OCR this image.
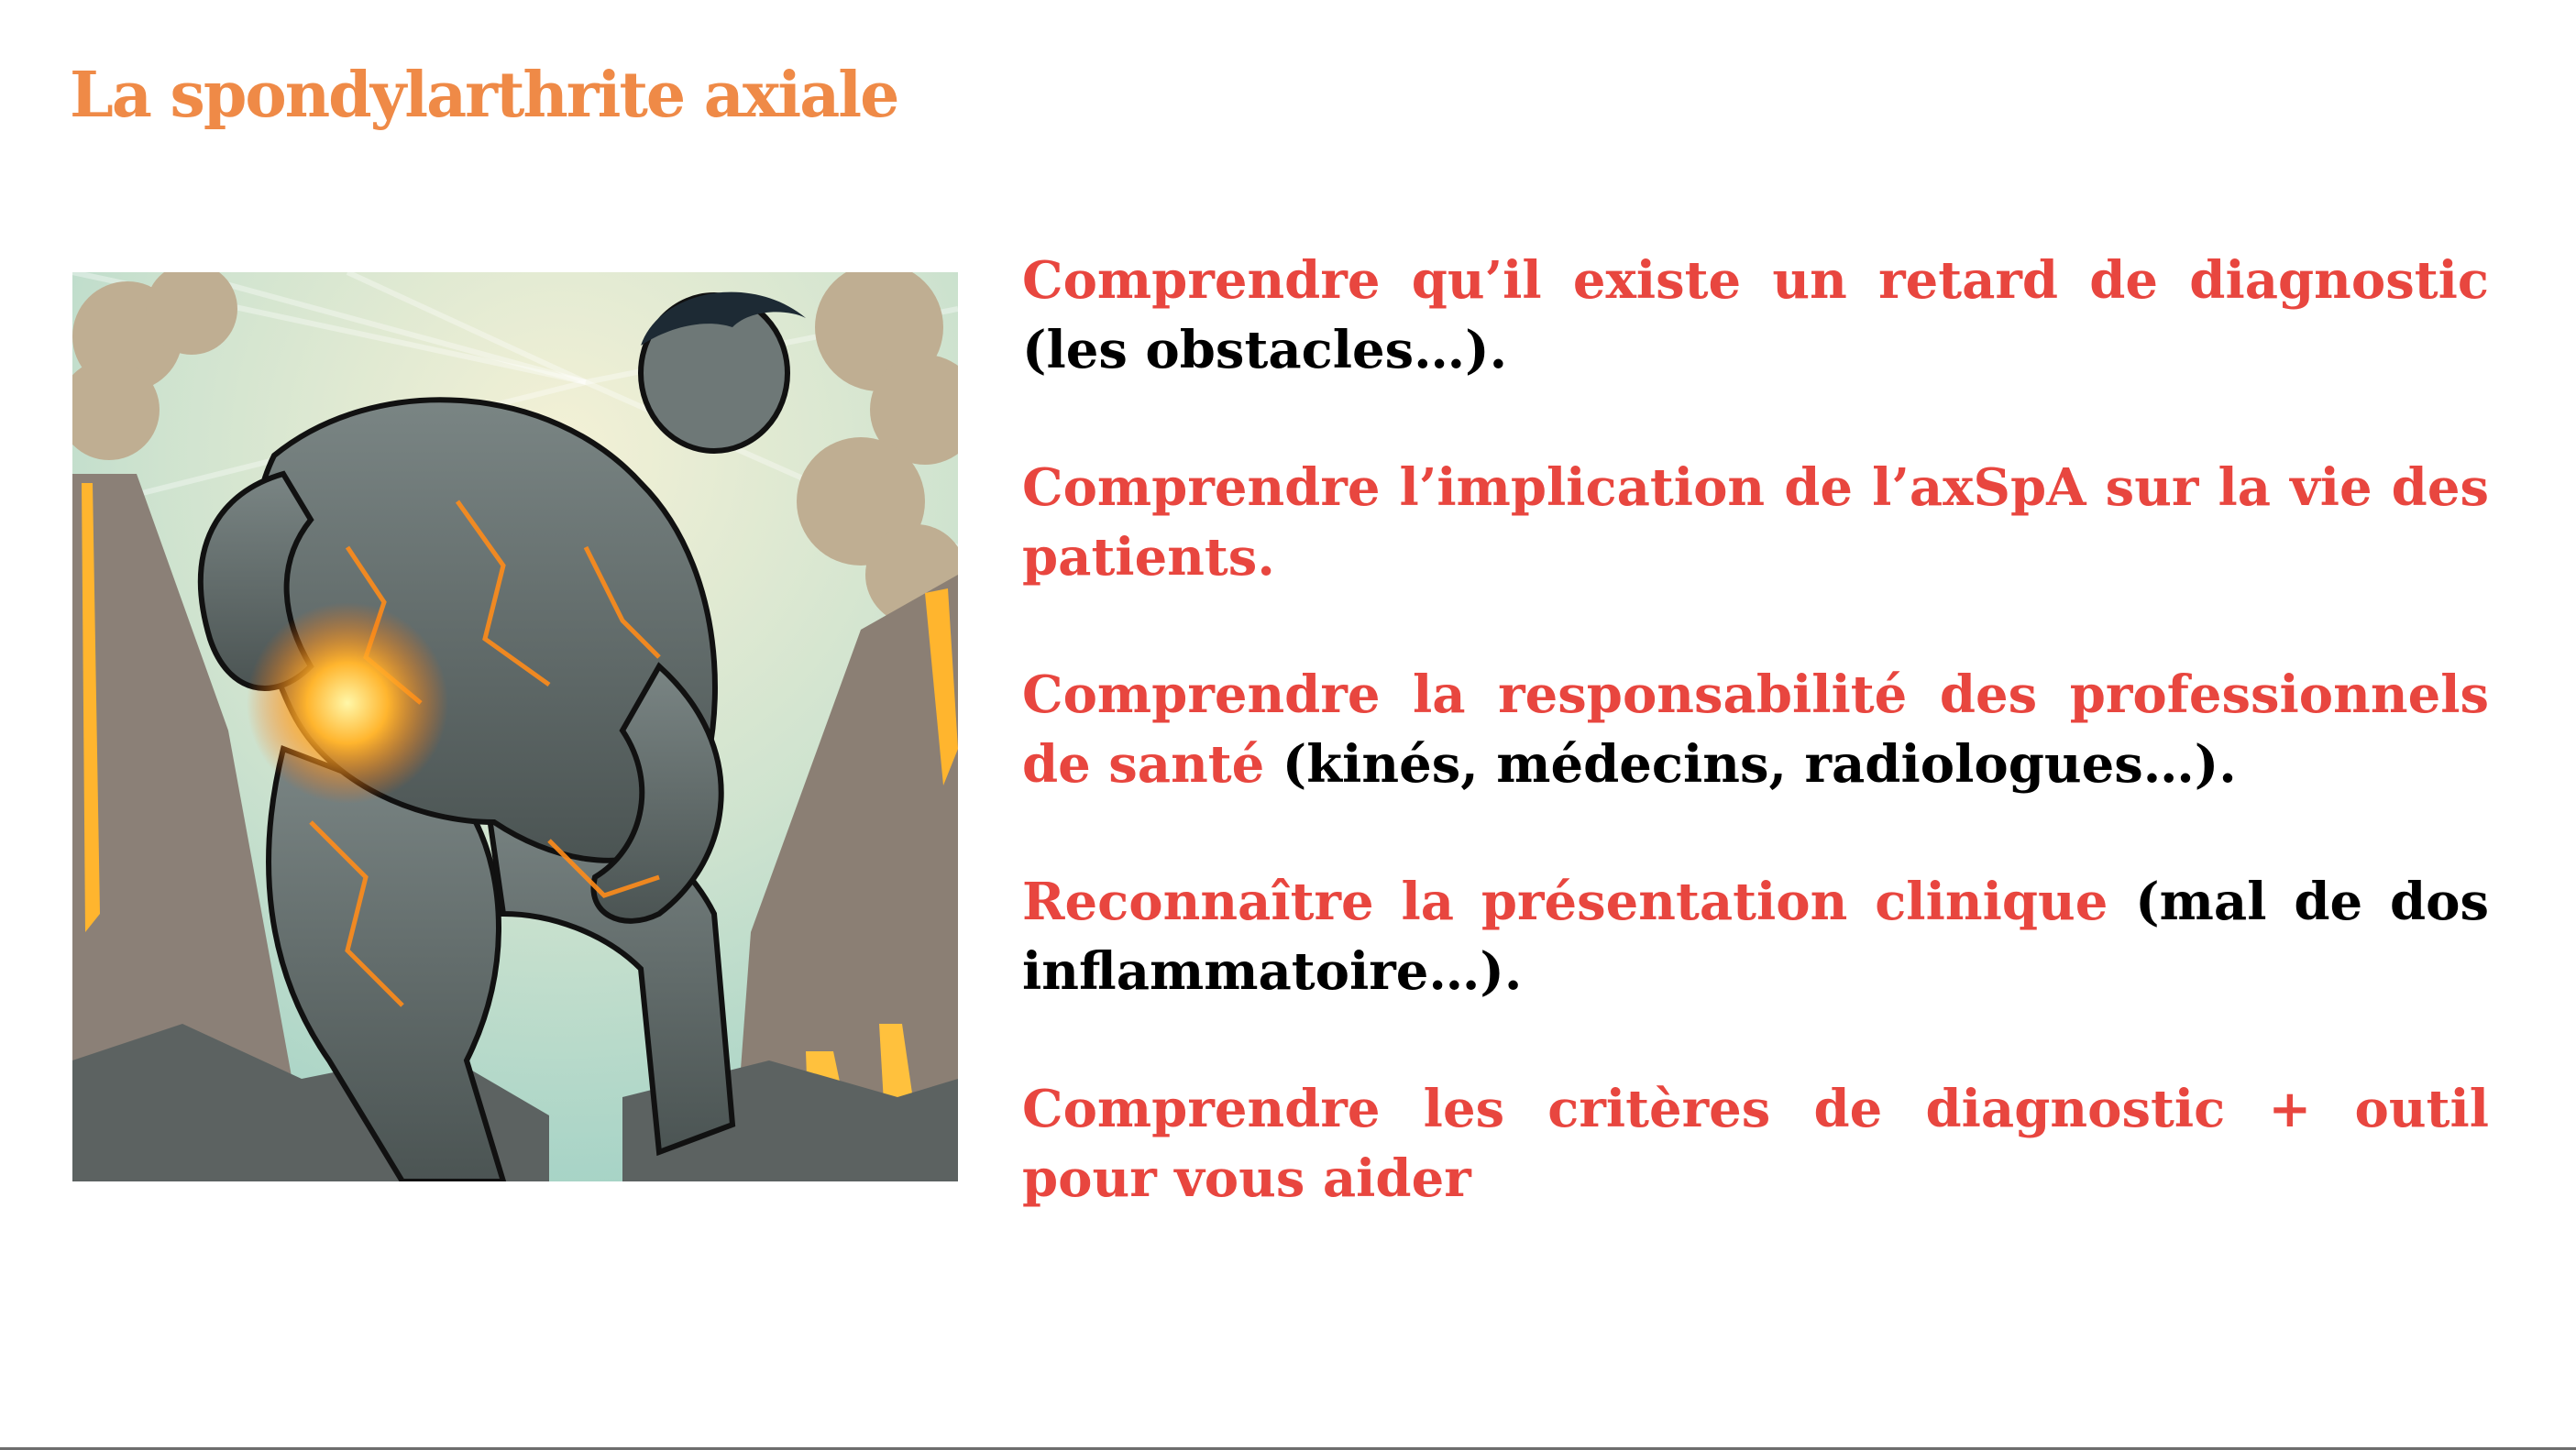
La spondylarthrite axiale

Comprendre qu’il existe un retard de diagnostic (les obstacles…).

Comprendre l’implication de l’axSpA sur la vie des patients.

Comprendre la responsabilité des professionnels de santé (kinés, médecins, radiologues…).

Reconnaître la présentation clinique (mal de dos inflammatoire…).

Comprendre les critères de diagnostic + outil pour vous aider
